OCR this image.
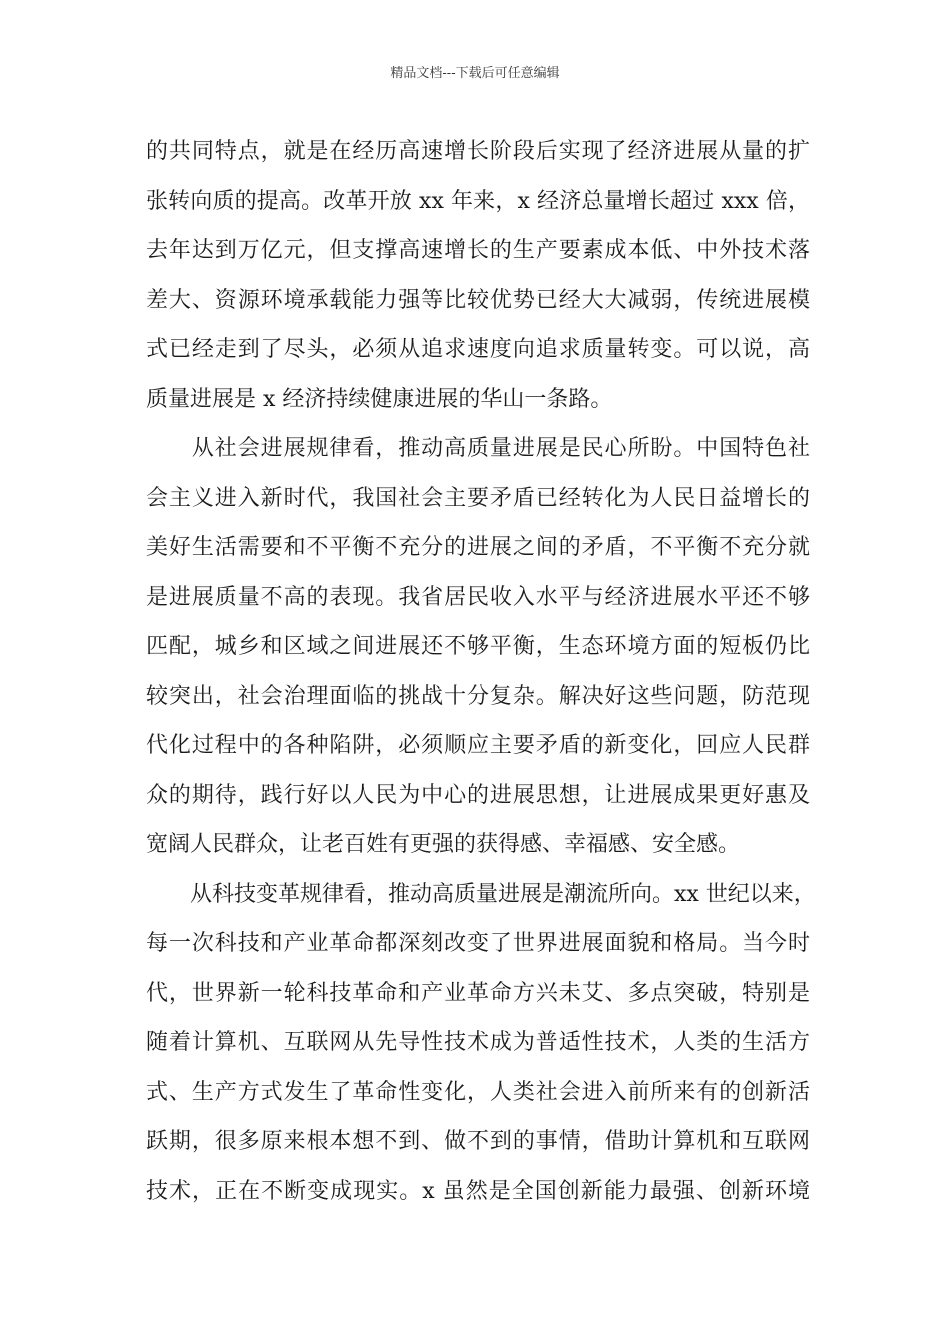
精品文档---下载后可任意编辑
的共同特点，就是在经历高速增长阶段后实现了经济进展从量的扩
张转向质的提高。改革开放 xx 年来，x 经济总量增长超过 xxx 倍，
去年达到万亿元，但支撑高速增长的生产要素成本低、中外技术落
差大、资源环境承载能力强等比较优势已经大大减弱，传统进展模
式已经走到了尽头，必须从追求速度向追求质量转变。可以说，高
质量进展是 x 经济持续健康进展的华山一条路。
　　从社会进展规律看，推动高质量进展是民心所盼。中国特色社
会主义进入新时代，我国社会主要矛盾已经转化为人民日益增长的
美好生活需要和不平衡不充分的进展之间的矛盾，不平衡不充分就
是进展质量不高的表现。我省居民收入水平与经济进展水平还不够
匹配，城乡和区域之间进展还不够平衡，生态环境方面的短板仍比
较突出，社会治理面临的挑战十分复杂。解决好这些问题，防范现
代化过程中的各种陷阱，必须顺应主要矛盾的新变化，回应人民群
众的期待，践行好以人民为中心的进展思想，让进展成果更好惠及
宽阔人民群众，让老百姓有更强的获得感、幸福感、安全感。
　　从科技变革规律看，推动高质量进展是潮流所向。xx 世纪以来，
每一次科技和产业革命都深刻改变了世界进展面貌和格局。当今时
代，世界新一轮科技革命和产业革命方兴未艾、多点突破，特别是
随着计算机、互联网从先导性技术成为普适性技术，人类的生活方
式、生产方式发生了革命性变化，人类社会进入前所来有的创新活
跃期，很多原来根本想不到、做不到的事情，借助计算机和互联网
技术，正在不断变成现实。x 虽然是全国创新能力最强、创新环境
